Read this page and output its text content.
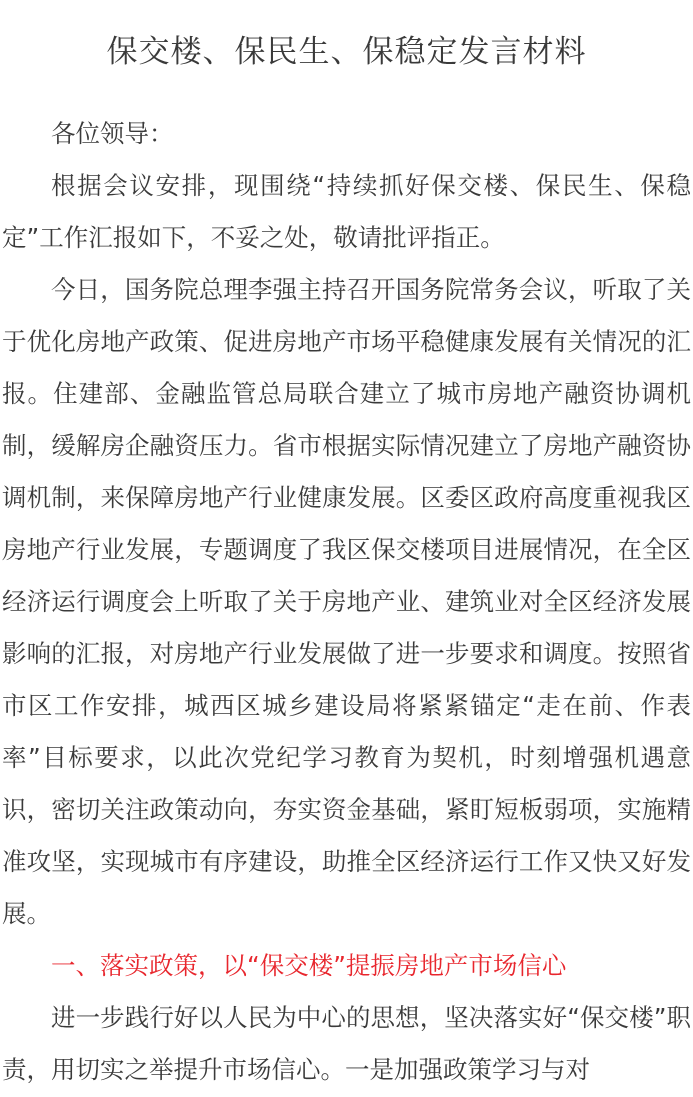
保交楼、保民生、保稳定发言材料

各位领导：

根据会议安排，现围绕“持续抓好保交楼、保民生、保稳定”工作汇报如下，不妥之处，敬请批评指正。

今日，国务院总理李强主持召开国务院常务会议，听取了关于优化房地产政策、促进房地产市场平稳健康发展有关情况的汇报。住建部、金融监管总局联合建立了城市房地产融资协调机制，缓解房企融资压力。省市根据实际情况建立了房地产融资协调机制，来保障房地产行业健康发展。区委区政府高度重视我区房地产行业发展，专题调度了我区保交楼项目进展情况，在全区经济运行调度会上听取了关于房地产业、建筑业对全区经济发展影响的汇报，对房地产行业发展做了进一步要求和调度。按照省市区工作安排，城西区城乡建设局将紧紧锚定“走在前、作表率”目标要求，以此次党纪学习教育为契机，时刻增强机遇意识，密切关注政策动向，夯实资金基础，紧盯短板弱项，实施精准攻坚，实现城市有序建设，助推全区经济运行工作又快又好发展。

一、落实政策，以“保交楼”提振房地产市场信心

进一步践行好以人民为中心的思想，坚决落实好“保交楼”职责，用切实之举提升市场信心。一是加强政策学习与对
